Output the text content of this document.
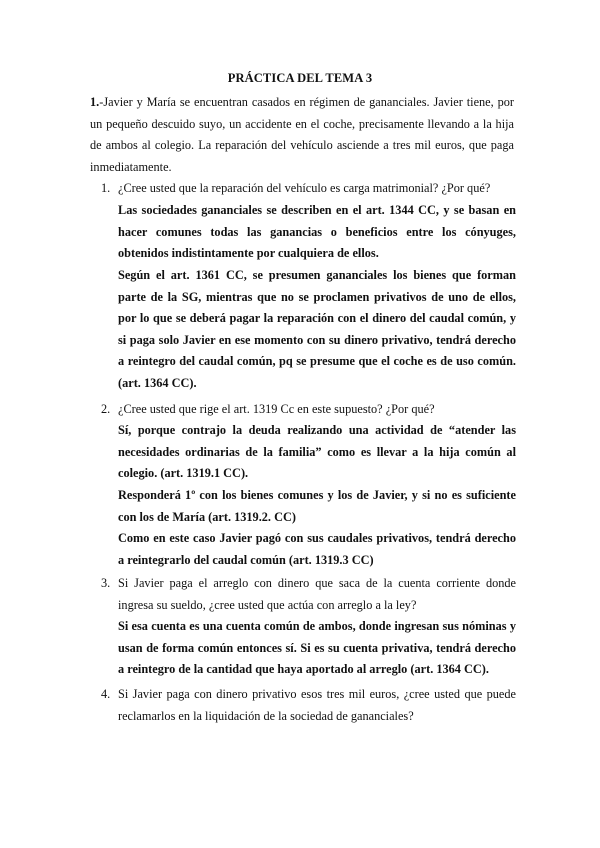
PRÁCTICA DEL TEMA 3

1.-Javier y María se encuentran casados en régimen de gananciales. Javier tiene, por un pequeño descuido suyo, un accidente en el coche, precisamente llevando a la hija de ambos al colegio. La reparación del vehículo asciende a tres mil euros, que paga inmediatamente.

1. ¿Cree usted que la reparación del vehículo es carga matrimonial? ¿Por qué?

Las sociedades gananciales se describen en el art. 1344 CC, y se basan en hacer comunes todas las ganancias o beneficios entre los cónyuges, obtenidos indistintamente por cualquiera de ellos.

Según el art. 1361 CC, se presumen gananciales los bienes que forman parte de la SG, mientras que no se proclamen privativos de uno de ellos, por lo que se deberá pagar la reparación con el dinero del caudal común, y si paga solo Javier en ese momento con su dinero privativo, tendrá derecho a reintegro del caudal común, pq se presume que el coche es de uso común. (art. 1364 CC).

2. ¿Cree usted que rige el art. 1319 Cc en este supuesto? ¿Por qué?

Sí, porque contrajo la deuda realizando una actividad de “atender las necesidades ordinarias de la familia” como es llevar a la hija común al colegio. (art. 1319.1 CC).

Responderá 1º con los bienes comunes y los de Javier, y si no es suficiente con los de María (art. 1319.2. CC)

Como en este caso Javier pagó con sus caudales privativos, tendrá derecho a reintegrarlo del caudal común (art. 1319.3 CC)

3. Si Javier paga el arreglo con dinero que saca de la cuenta corriente donde ingresa su sueldo, ¿cree usted que actúa con arreglo a la ley?

Si esa cuenta es una cuenta común de ambos, donde ingresan sus nóminas y usan de forma común entonces sí. Si es su cuenta privativa, tendrá derecho a reintegro de la cantidad que haya aportado al arreglo (art. 1364 CC).

4. Si Javier paga con dinero privativo esos tres mil euros, ¿cree usted que puede reclamarlos en la liquidación de la sociedad de gananciales?
